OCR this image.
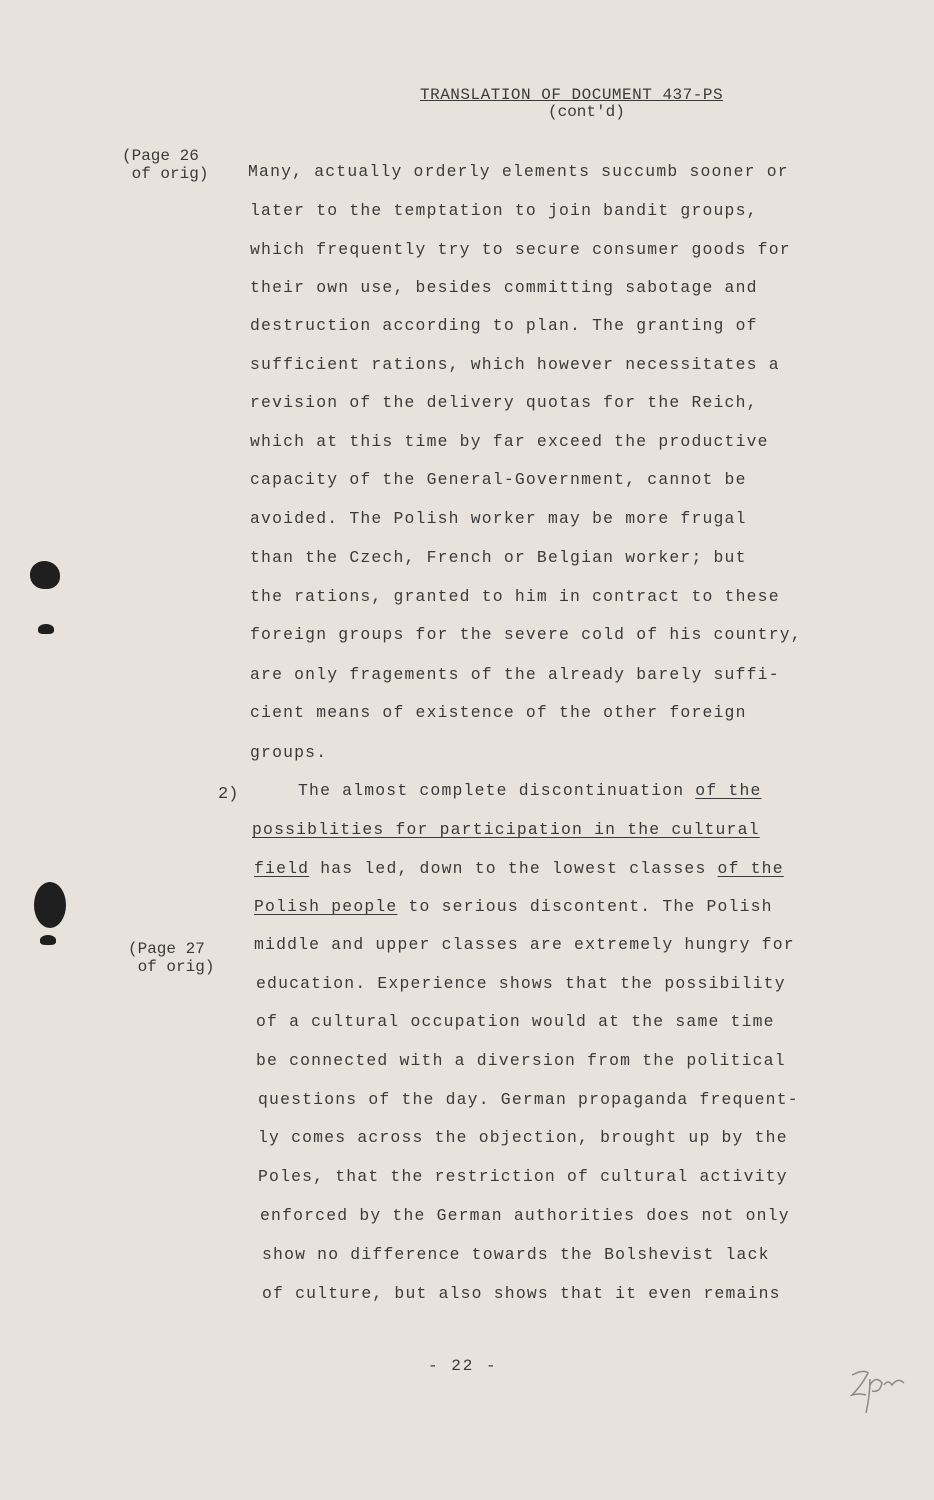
TRANSLATION OF DOCUMENT 437-PS
(cont'd)
(Page 26
of orig)
(Page 27
of orig)
Many, actually orderly elements succumb sooner or
later to the temptation to join bandit groups,
which frequently try to secure consumer goods for
their own use, besides committing sabotage and
destruction according to plan. The granting of
sufficient rations, which however necessitates a
revision of the delivery quotas for the Reich,
which at this time by far exceed the productive
capacity of the General-Government, cannot be
avoided. The Polish worker may be more frugal
than the Czech, French or Belgian worker; but
the rations, granted to him in contract to these
foreign groups for the severe cold of his country,
are only fragements of the already barely suffi-
cient means of existence of the other foreign
groups.
2)	The almost complete discontinuation of the
possiblities for participation in the cultural
field has led, down to the lowest classes of the
Polish people to serious discontent. The Polish
middle and upper classes are extremely hungry for
education. Experience shows that the possibility
of a cultural occupation would at the same time
be connected with a diversion from the political
questions of the day. German propaganda frequent-
ly comes across the objection, brought up by the
Poles, that the restriction of cultural activity
enforced by the German authorities does not only
show no difference towards the Bolshevist lack
of culture, but also shows that it even remains
- 22 -
